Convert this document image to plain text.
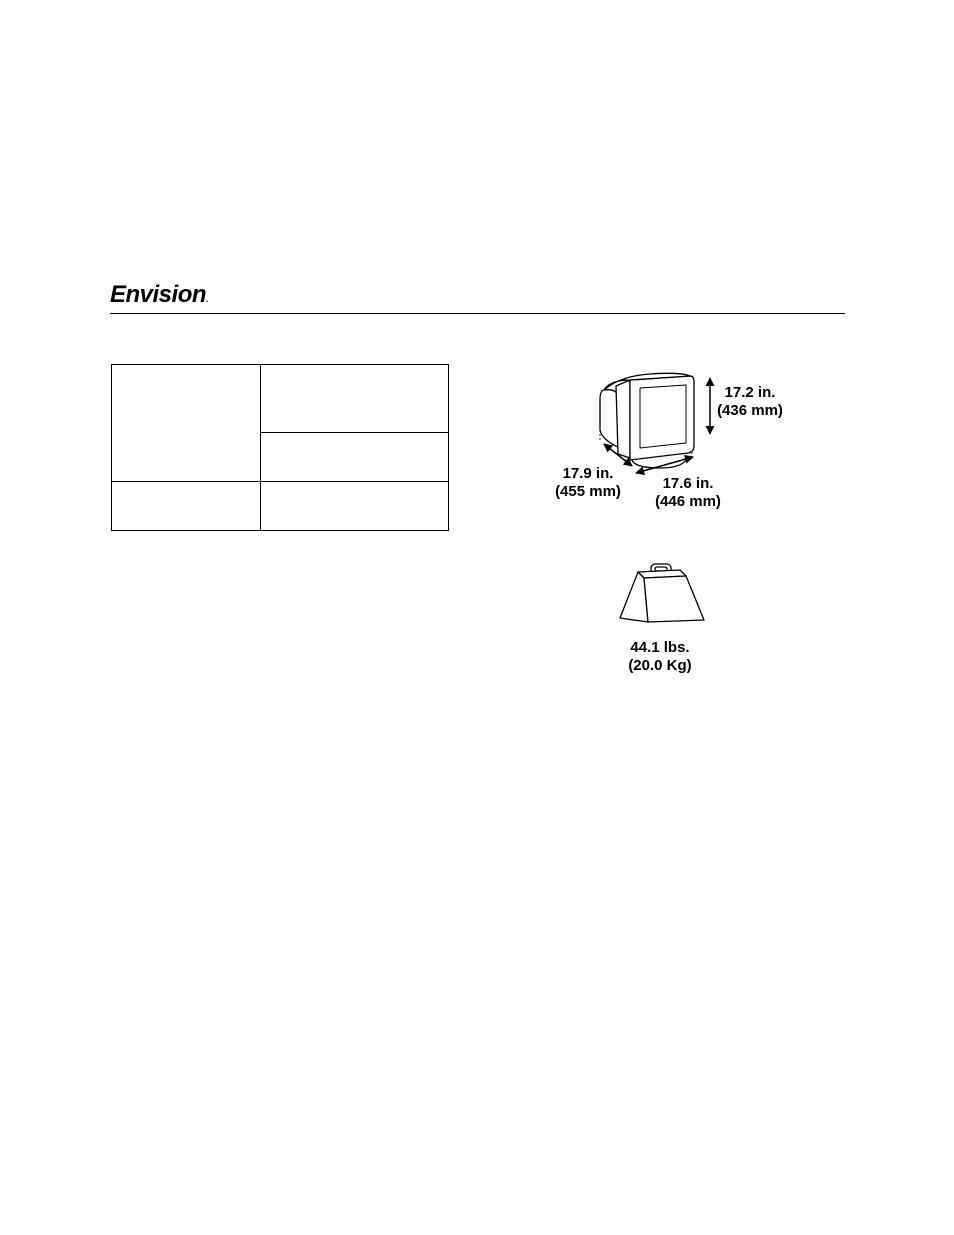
Envision.

17.2 in.
(436 mm)
17.9 in.
(455 mm)	17.6 in.
(446 mm)
44.1 lbs.
(20.0 Kg)
